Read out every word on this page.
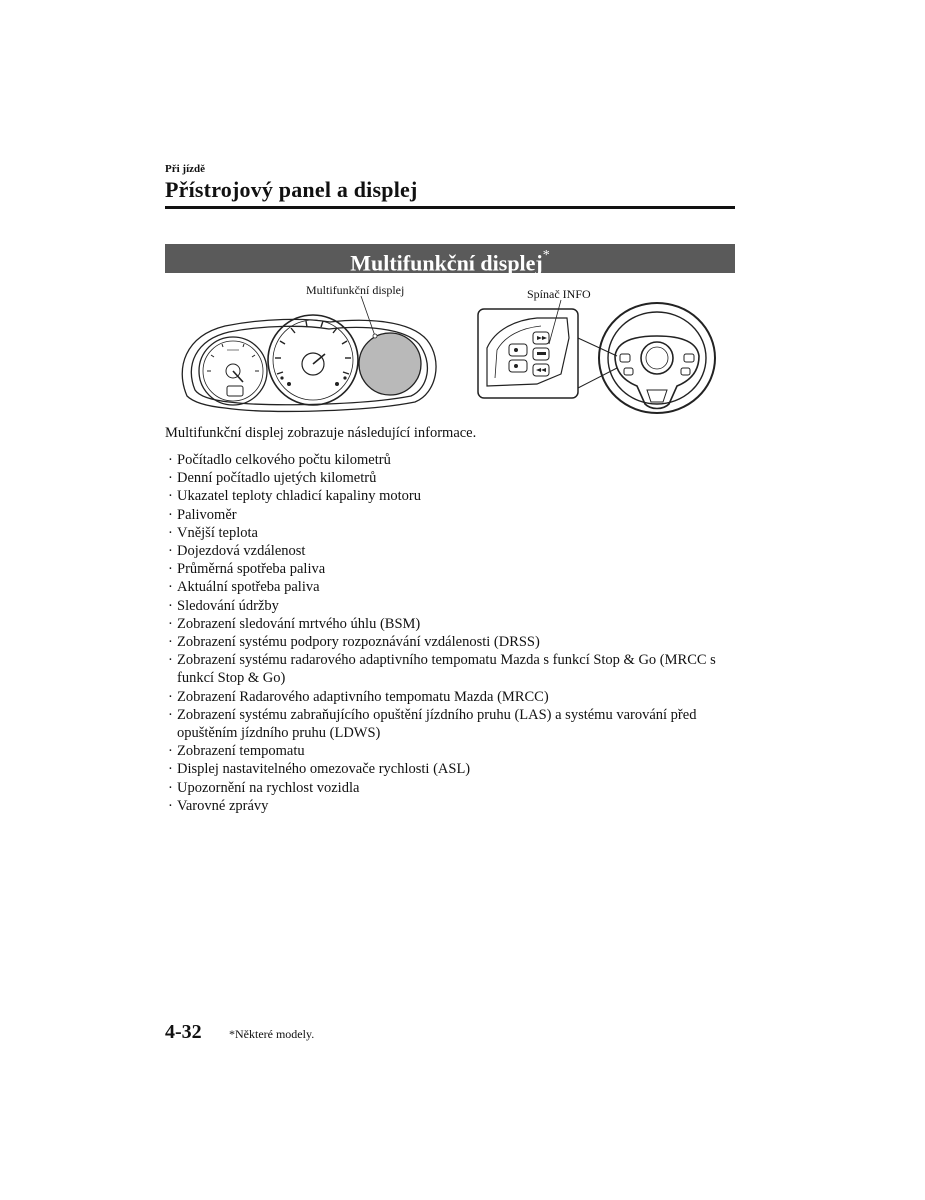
Při jízdě
Přístrojový panel a displej
Multifunkční displej*
Multifunkční displej	Spínač INFO
Multifunkční displej zobrazuje následující informace.
· Počítadlo celkového počtu kilometrů
· Denní počítadlo ujetých kilometrů
· Ukazatel teploty chladicí kapaliny motoru
· Palivoměr
· Vnější teplota
· Dojezdová vzdálenost
· Průměrná spotřeba paliva
· Aktuální spotřeba paliva
· Sledování údržby
· Zobrazení sledování mrtvého úhlu (BSM)
· Zobrazení systému podpory rozpoznávání vzdálenosti (DRSS)
· Zobrazení systému radarového adaptivního tempomatu Mazda s funkcí Stop & Go (MRCC s funkcí Stop & Go)
· Zobrazení Radarového adaptivního tempomatu Mazda (MRCC)
· Zobrazení systému zabraňujícího opuštění jízdního pruhu (LAS) a systému varování před opuštěním jízdního pruhu (LDWS)
· Zobrazení tempomatu
· Displej nastavitelného omezovače rychlosti (ASL)
· Upozornění na rychlost vozidla
· Varovné zprávy
4-32 *Některé modely.
